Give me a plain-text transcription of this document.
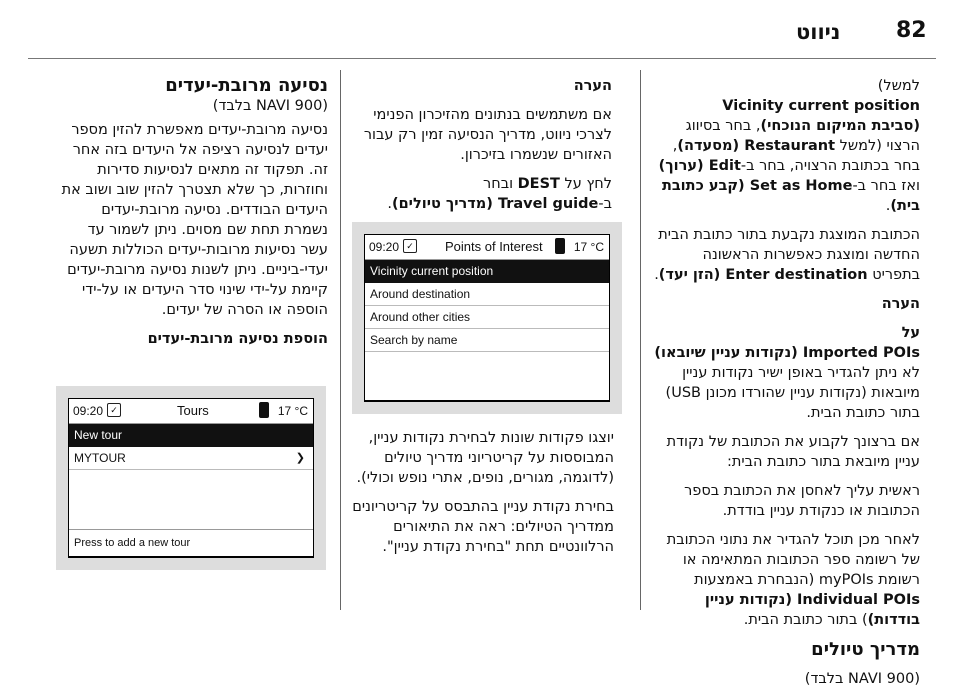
82
ניווט

למשל)
Vicinity current position
(סביבת המיקום הנוכחי), בחר בסיווג הרצוי (למשל Restaurant (מסעדה), בחר בכתובת הרצויה, בחר ב-Edit (ערוך) ואז בחר ב-Set as Home (קבע כתובת בית).

הכתובת המוצגת נקבעת בתור כתובת הבית החדשה ומוצגת כאפשרות הראשונה בתפריט Enter destination (הזן יעד).

הערה

על
Imported POIs (נקודות עניין שיובאו)

לא ניתן להגדיר באופן ישיר נקודות עניין מיובאות (נקודות עניין שהורדו מכונן USB) בתור כתובת הבית.

אם ברצונך לקבוע את הכתובת של נקודת עניין מיובאת בתור כתובת הבית:

ראשית עליך לאחסן את הכתובת בספר הכתובות או כנקודת עניין בודדת.

לאחר מכן תוכל להגדיר את נתוני הכתובת של רשומה ספר הכתובות המתאימה או רשומת myPOIs (הנבחרת באמצעות Individual POIs (נקודות עניין בודדות)) בתור כתובת הבית.

מדריך טיולים

(NAVI 900 בלבד)

הערה

אם משתמשים בנתונים מהזיכרון הפנימי לצרכי ניווט, מדריך הנסיעה זמין רק עבור האזורים שנשמרו בזיכרון.

לחץ על DEST ובחר
ב-Travel guide (מדריך טיולים).

09:20 ✓ Points of Interest	17 °C
Vicinity current position
Around destination
Around other cities
Search by name

יוצגו פקודות שונות לבחירת נקודות עניין, המבוססות על קריטריוני מדריך טיולים (לדוגמה, מגורים, נופים, אתרי נופש וכולי).

בחירת נקודת עניין בהתבסס על קריטריונים ממדריך הטיולים: ראה את התיאורים הרלוונטיים תחת "בחירת נקודת עניין".

נסיעה מרובת-יעדים

(NAVI 900 בלבד)

נסיעה מרובת-יעדים מאפשרת להזין מספר יעדים לנסיעה רציפה אל היעדים בזה אחר זה. תפקוד זה מתאים לנסיעות סדירות וחוזרות, כך שלא תצטרך להזין שוב ושוב את היעדים הבודדים. נסיעה מרובת-יעדים נשמרת תחת שם מסוים. ניתן לשמור עד עשר נסיעות מרובות-יעדים הכוללות תשעה יעדי-ביניים. ניתן לשנות נסיעה מרובת-יעדים קיימת על-ידי שינוי סדר היעדים או על-ידי הוספה או הסרה של יעדים.

הוספת נסיעה מרובת-יעדים

09:20 ✓	Tours	17 °C
New tour
MYTOUR	❯
Press to add a new tour
